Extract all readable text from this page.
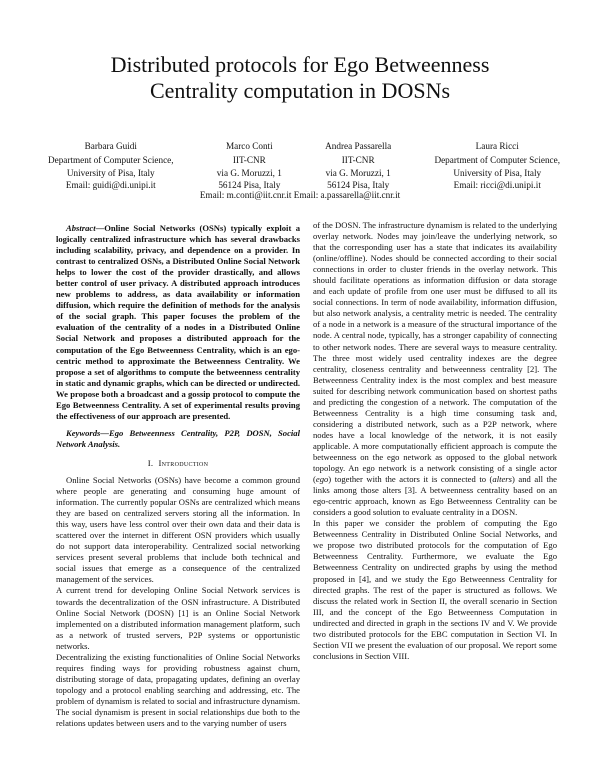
Distributed protocols for Ego Betweenness
Centrality computation in DOSNs
Barbara Guidi
Department of Computer Science,
University of Pisa, Italy
Email: guidi@di.unipi.it
Marco Conti
IIT-CNR
via G. Moruzzi, 1
56124 Pisa, Italy
Andrea Passarella
IIT-CNR
via G. Moruzzi, 1
56124 Pisa, Italy
Laura Ricci
Department of Computer Science,
University of Pisa, Italy
Email: ricci@di.unipi.it
Email: m.conti@iit.cnr.it Email: a.passarella@iit.cnr.it

Abstract—Online Social Networks (OSNs) typically exploit a logically centralized infrastructure which has several drawbacks including scalability, privacy, and dependence on a provider. In contrast to centralized OSNs, a Distributed Online Social Network helps to lower the cost of the provider drastically, and allows better control of user privacy. A distributed approach introduces new problems to address, as data availability or information diffusion, which require the definition of methods for the analysis of the social graph. This paper focuses the problem of the evaluation of the centrality of a nodes in a Distributed Online Social Network and proposes a distributed approach for the computation of the Ego Betweenness Centrality, which is an ego-centric method to approximate the Betweenness Centrality. We propose a set of algorithms to compute the betweenness centrality in static and dynamic graphs, which can be directed or undirected. We propose both a broadcast and a gossip protocol to compute the Ego Betweenness Centrality. A set of experimental results proving the effectiveness of our approach are presented.

Keywords—Ego Betweenness Centrality, P2P, DOSN, Social Network Analysis.

I. Introduction

Online Social Networks (OSNs) have become a common ground where people are generating and consuming huge amount of information. The currently popular OSNs are centralized which means they are based on centralized servers storing all the information. In this way, users have less control over their own data and their data is scattered over the internet in different OSN providers which usually do not support data interoperability. Centralized social networking services present several problems that include both technical and social issues that emerge as a consequence of the centralized management of the services.

A current trend for developing Online Social Network services is towards the decentralization of the OSN infrastructure. A Distributed Online Social Network (DOSN) [1] is an Online Social Network implemented on a distributed information management platform, such as a network of trusted servers, P2P systems or opportunistic networks.

Decentralizing the existing functionalities of Online Social Networks requires finding ways for providing robustness against churn, distributing storage of data, propagating updates, defining an overlay topology and a protocol enabling searching and addressing, etc. The problem of dynamism is related to social and infrastructure dynamism. The social dynamism is present in social relationships due both to the relations updates between users and to the varying number of users

of the DOSN. The infrastructure dynamism is related to the underlying overlay network. Nodes may join/leave the underlying network, so that the corresponding user has a state that indicates its availability (online/offline). Nodes should be connected according to their social connections in order to cluster friends in the overlay network. This should facilitate operations as information diffusion or data storage and each update of profile from one user must be diffused to all its social connections. In term of node availability, information diffusion, but also network analysis, a centrality metric is needed. The centrality of a node in a network is a measure of the structural importance of the node. A central node, typically, has a stronger capability of connecting to other network nodes. There are several ways to measure centrality. The three most widely used centrality indexes are the degree centrality, closeness centrality and betweenness centrality [2]. The Betweenness Centrality index is the most complex and best measure suited for describing network communication based on shortest paths and predicting the congestion of a network. The computation of the Betweenness Centrality is a high time consuming task and, considering a distributed network, such as a P2P network, where nodes have a local knowledge of the network, it is not easily applicable. A more computationally efficient approach is compute the betweenness on the ego network as opposed to the global network topology. An ego network is a network consisting of a single actor (ego) together with the actors it is connected to (alters) and all the links among those alters [3]. A betweenness centrality based on an ego-centric approach, known as Ego Betweenness Centrality can be considers a good solution to evaluate centrality in a DOSN.

In this paper we consider the problem of computing the Ego Betweenness Centrality in Distributed Online Social Networks, and we propose two distributed protocols for the computation of Ego Betweenness Centrality. Furthermore, we evaluate the Ego Betweenness Centrality on undirected graphs by using the method proposed in [4], and we study the Ego Betweenness Centrality for directed graphs. The rest of the paper is structured as follows. We discuss the related work in Section II, the overall scenario in Section III, and the concept of the Ego Betweenness Computation in undirected and directed in graph in the sections IV and V. We provide two distributed protocols for the EBC computation in Section VI. In Section VII we present the evaluation of our proposal. We report some conclusions in Section VIII.
